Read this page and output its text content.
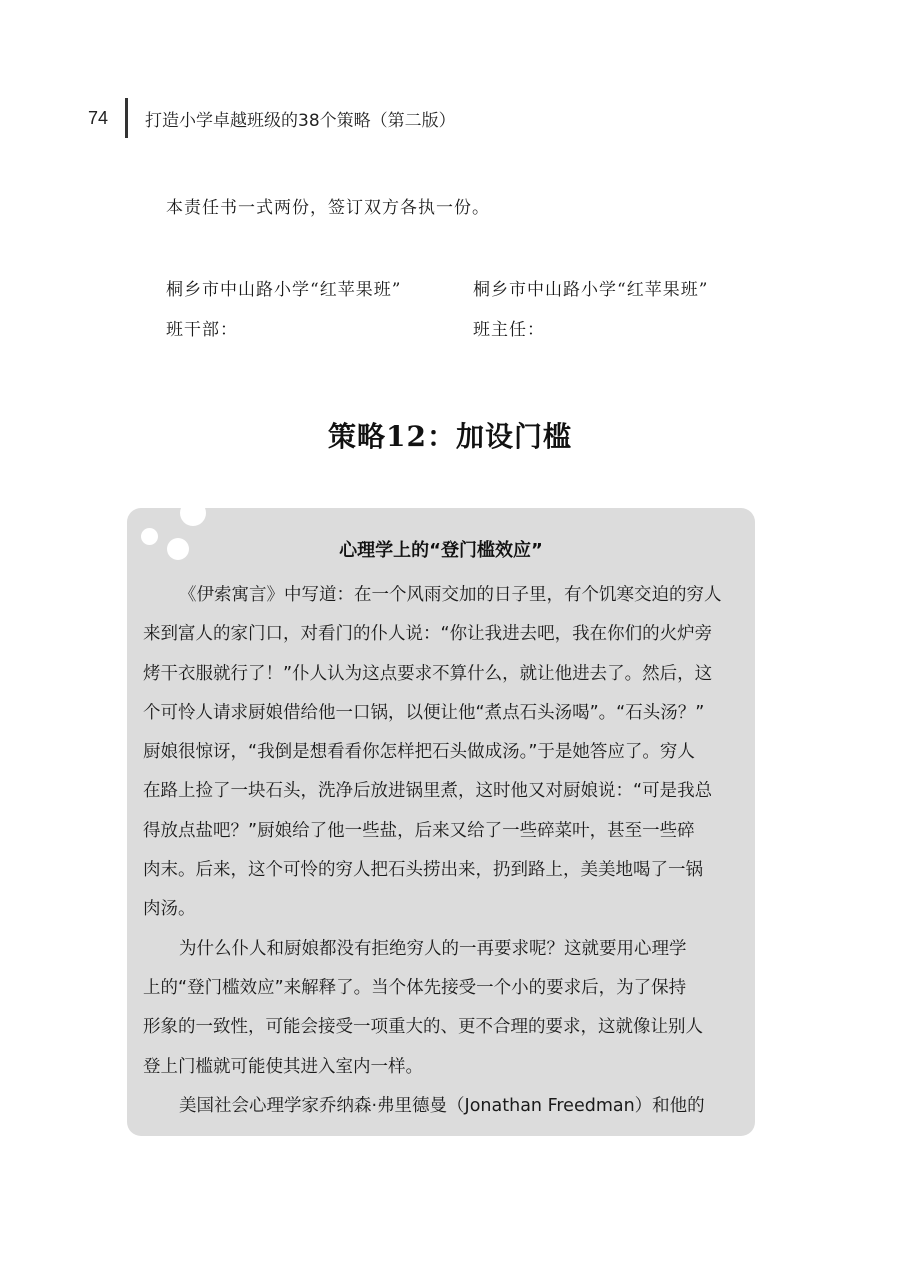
74 打造小学卓越班级的38个策略（第二版）
本责任书一式两份，签订双方各执一份。
桐乡市中山路小学“红苹果班”
班干部：
桐乡市中山路小学“红苹果班”
班主任：
策略12：加设门槛
心理学上的“登门槛效应”
《伊索寓言》中写道：在一个风雨交加的日子里，有个饥寒交迫的穷人
来到富人的家门口，对看门的仆人说：“你让我进去吧，我在你们的火炉旁
烤干衣服就行了！”仆人认为这点要求不算什么，就让他进去了。然后，这
个可怜人请求厨娘借给他一口锅，以便让他“煮点石头汤喝”。“石头汤？”
厨娘很惊讶，“我倒是想看看你怎样把石头做成汤。”于是她答应了。穷人
在路上捡了一块石头，洗净后放进锅里煮，这时他又对厨娘说：“可是我总
得放点盐吧？”厨娘给了他一些盐，后来又给了一些碎菜叶，甚至一些碎
肉末。后来，这个可怜的穷人把石头捞出来，扔到路上，美美地喝了一锅
肉汤。
为什么仆人和厨娘都没有拒绝穷人的一再要求呢？这就要用心理学
上的“登门槛效应”来解释了。当个体先接受一个小的要求后，为了保持
形象的一致性，可能会接受一项重大的、更不合理的要求，这就像让别人
登上门槛就可能使其进入室内一样。
美国社会心理学家乔纳森·弗里德曼（Jonathan Freedman）和他的
